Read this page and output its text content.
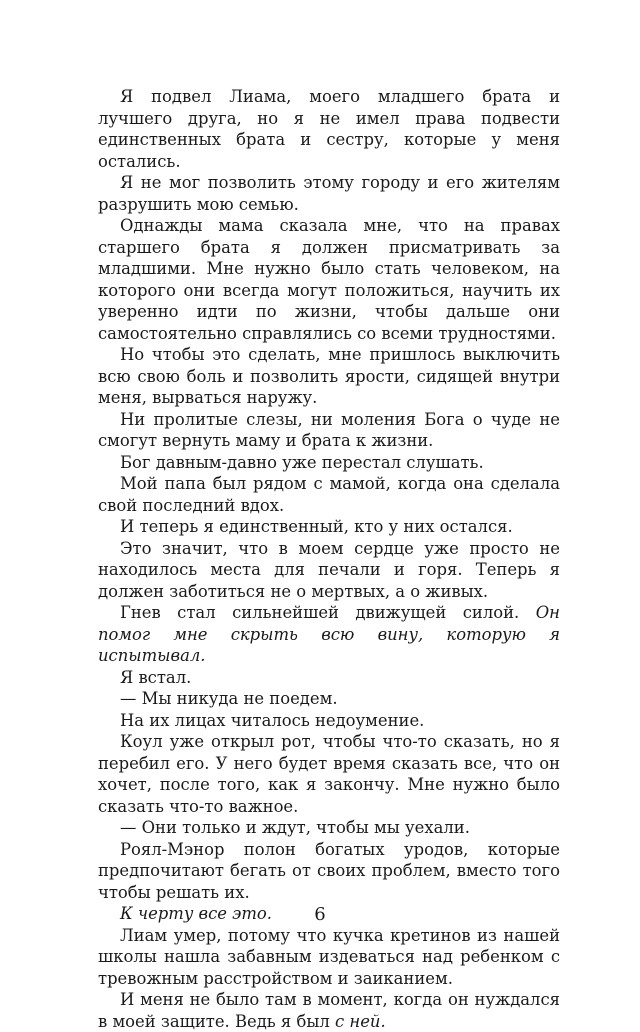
Я подвел Лиама, моего младшего брата и лучшего друга, но я не имел права подвести единственных брата и сестру, которые у меня остались.

Я не мог позволить этому городу и его жителям разрушить мою семью.

Однажды мама сказала мне, что на правах старшего брата я должен присматривать за младшими. Мне нужно было стать человеком, на которого они всегда могут положиться, научить их уверенно идти по жизни, чтобы дальше они самостоятельно справлялись со всеми трудностями.

Но чтобы это сделать, мне пришлось выключить всю свою боль и позволить ярости, сидящей внутри меня, вырваться наружу.

Ни пролитые слезы, ни моления Бога о чуде не смогут вернуть маму и брата к жизни.

Бог давным-давно уже перестал слушать.

Мой папа был рядом с мамой, когда она сделала свой последний вдох.

И теперь я единственный, кто у них остался.

Это значит, что в моем сердце уже просто не находилось места для печали и горя. Теперь я должен заботиться не о мертвых, а о живых.

Гнев стал сильнейшей движущей силой. Он помог мне скрыть всю вину, которую я испытывал.

Я встал.

— Мы никуда не поедем.

На их лицах читалось недоумение.

Коул уже открыл рот, чтобы что-то сказать, но я перебил его. У него будет время сказать все, что он хочет, после того, как я закончу. Мне нужно было сказать что-то важное.

— Они только и ждут, чтобы мы уехали.

Роял-Мэнор полон богатых уродов, которые предпочитают бегать от своих проблем, вместо того чтобы решать их.

К черту все это.

Лиам умер, потому что кучка кретинов из нашей школы нашла забавным издеваться над ребенком с тревожным расстройством и заиканием.

И меня не было там в момент, когда он нуждался в моей защите. Ведь я был с ней.

6
